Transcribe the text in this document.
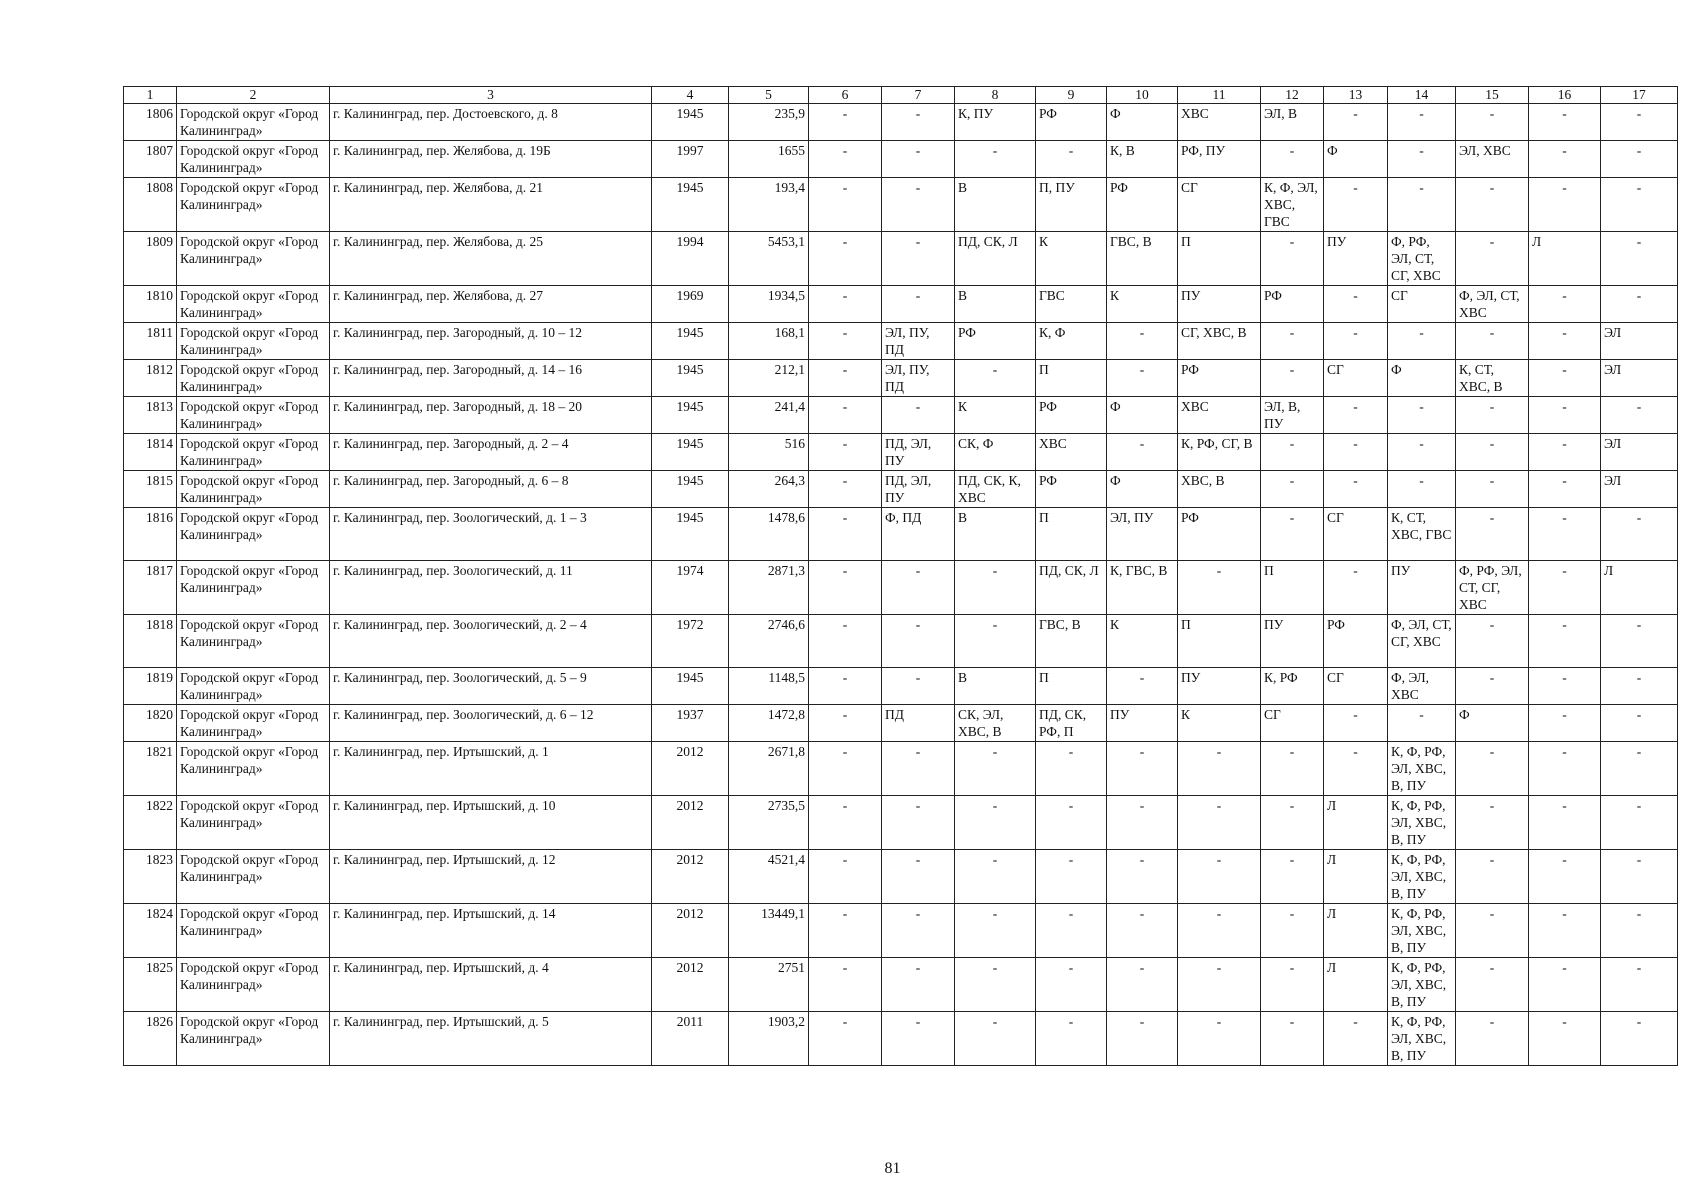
1	2	3	4	5	6	7	8	9	10	11	12	13	14	15	16	17
1806	Городской округ «Город Калининград»	г. Калининград, пер. Достоевского, д. 8	1945	235,9	-	-	К, ПУ	РФ	Ф	ХВС	ЭЛ, В	-	-	-	-	-
1807	Городской округ «Город Калининград»	г. Калининград, пер. Желябова, д. 19Б	1997	1655	-	-	-	-	К, В	РФ, ПУ	-	Ф	-	ЭЛ, ХВС	-	-
1808	Городской округ «Город Калининград»	г. Калининград, пер. Желябова, д. 21	1945	193,4	-	-	В	П, ПУ	РФ	СГ	К, Ф, ЭЛ, ХВС, ГВС	-	-	-	-	-
1809	Городской округ «Город Калининград»	г. Калининград, пер. Желябова, д. 25	1994	5453,1	-	-	ПД, СК, Л	К	ГВС, В	П	-	ПУ	Ф, РФ, ЭЛ, СТ, СГ, ХВС	-	Л	-
1810	Городской округ «Город Калининград»	г. Калининград, пер. Желябова, д. 27	1969	1934,5	-	-	В	ГВС	К	ПУ	РФ	-	СГ	Ф, ЭЛ, СТ, ХВС	-	-
1811	Городской округ «Город Калининград»	г. Калининград, пер. Загородный, д. 10 – 12	1945	168,1	-	ЭЛ, ПУ, ПД	РФ	К, Ф	-	СГ, ХВС, В	-	-	-	-	-	ЭЛ
1812	Городской округ «Город Калининград»	г. Калининград, пер. Загородный, д. 14 – 16	1945	212,1	-	ЭЛ, ПУ, ПД	-	П	-	РФ	-	СГ	Ф	К, СТ, ХВС, В	-	ЭЛ
1813	Городской округ «Город Калининград»	г. Калининград, пер. Загородный, д. 18 – 20	1945	241,4	-	-	К	РФ	Ф	ХВС	ЭЛ, В, ПУ	-	-	-	-	-
1814	Городской округ «Город Калининград»	г. Калининград, пер. Загородный, д. 2 – 4	1945	516	-	ПД, ЭЛ, ПУ	СК, Ф	ХВС	-	К, РФ, СГ, В	-	-	-	-	-	ЭЛ
1815	Городской округ «Город Калининград»	г. Калининград, пер. Загородный, д. 6 – 8	1945	264,3	-	ПД, ЭЛ, ПУ	ПД, СК, К, ХВС	РФ	Ф	ХВС, В	-	-	-	-	-	ЭЛ
1816	Городской округ «Город Калининград»	г. Калининград, пер. Зоологический, д. 1 – 3	1945	1478,6	-	Ф, ПД	В	П	ЭЛ, ПУ	РФ	-	СГ	К, СТ, ХВС, ГВС	-	-	-
1817	Городской округ «Город Калининград»	г. Калининград, пер. Зоологический, д. 11	1974	2871,3	-	-	-	ПД, СК, Л	К, ГВС, В	-	П	-	ПУ	Ф, РФ, ЭЛ, СТ, СГ, ХВС	-	Л
1818	Городской округ «Город Калининград»	г. Калининград, пер. Зоологический, д. 2 – 4	1972	2746,6	-	-	-	ГВС, В	К	П	ПУ	РФ	Ф, ЭЛ, СТ, СГ, ХВС	-	-	-
1819	Городской округ «Город Калининград»	г. Калининград, пер. Зоологический, д. 5 – 9	1945	1148,5	-	-	В	П	-	ПУ	К, РФ	СГ	Ф, ЭЛ, ХВС	-	-	-
1820	Городской округ «Город Калининград»	г. Калининград, пер. Зоологический, д. 6 – 12	1937	1472,8	-	ПД	СК, ЭЛ, ХВС, В	ПД, СК, РФ, П	ПУ	К	СГ	-	-	Ф	-	-
1821	Городской округ «Город Калининград»	г. Калининград, пер. Иртышский, д. 1	2012	2671,8	-	-	-	-	-	-	-	-	К, Ф, РФ, ЭЛ, ХВС, В, ПУ	-	-	-
1822	Городской округ «Город Калининград»	г. Калининград, пер. Иртышский, д. 10	2012	2735,5	-	-	-	-	-	-	-	Л	К, Ф, РФ, ЭЛ, ХВС, В, ПУ	-	-	-
1823	Городской округ «Город Калининград»	г. Калининград, пер. Иртышский, д. 12	2012	4521,4	-	-	-	-	-	-	-	Л	К, Ф, РФ, ЭЛ, ХВС, В, ПУ	-	-	-
1824	Городской округ «Город Калининград»	г. Калининград, пер. Иртышский, д. 14	2012	13449,1	-	-	-	-	-	-	-	Л	К, Ф, РФ, ЭЛ, ХВС, В, ПУ	-	-	-
1825	Городской округ «Город Калининград»	г. Калининград, пер. Иртышский, д. 4	2012	2751	-	-	-	-	-	-	-	Л	К, Ф, РФ, ЭЛ, ХВС, В, ПУ	-	-	-
1826	Городской округ «Город Калининград»	г. Калининград, пер. Иртышский, д. 5	2011	1903,2	-	-	-	-	-	-	-	-	К, Ф, РФ, ЭЛ, ХВС, В, ПУ	-	-	-
81
